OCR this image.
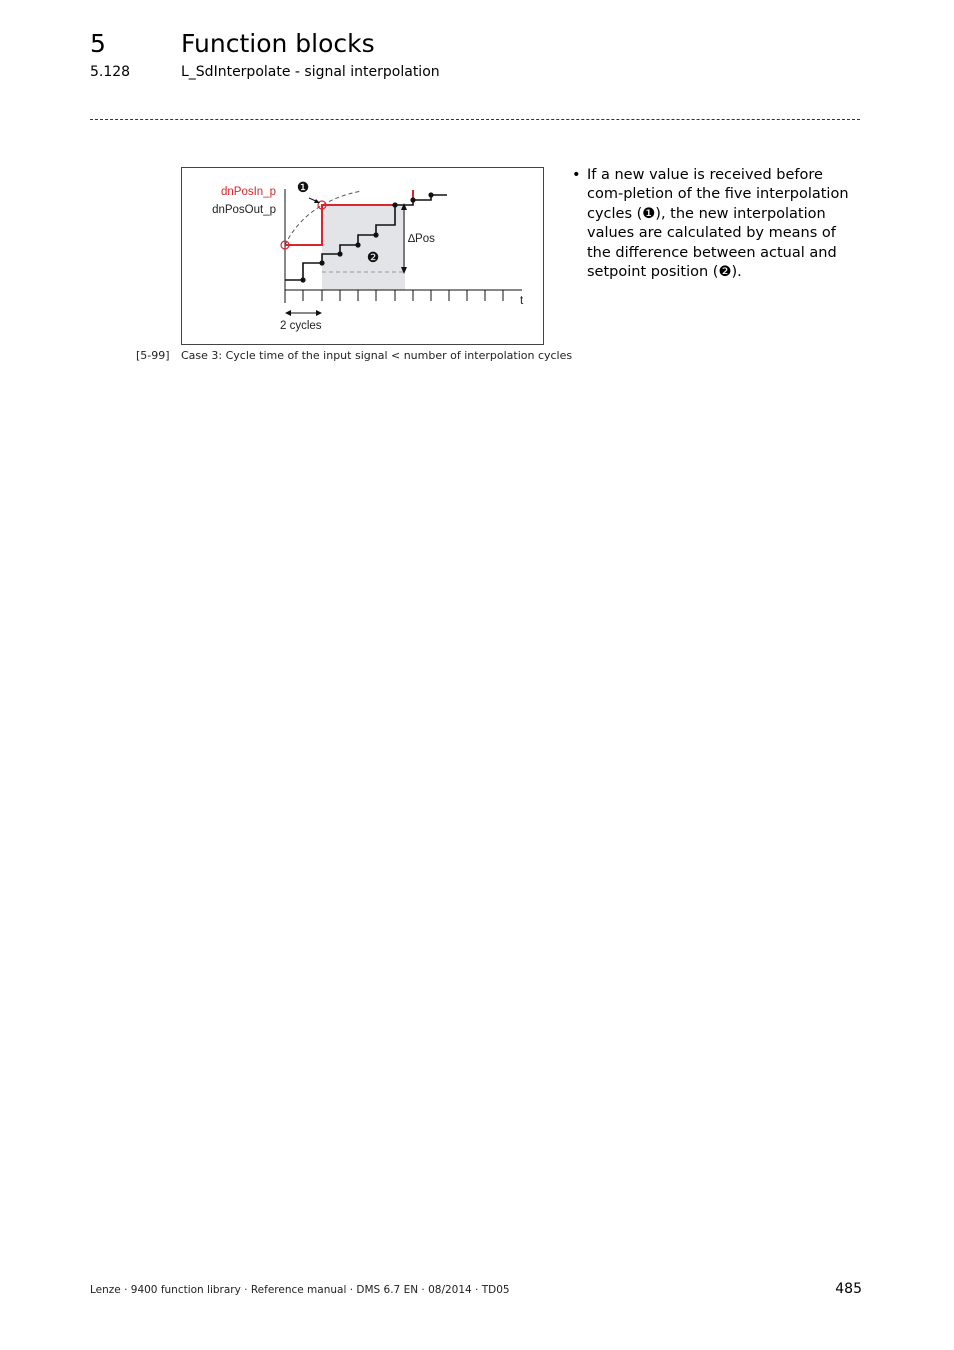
5	Function blocks
5.128	L_SdInterpolate - signal interpolation
dnPosIn_p
dnPosOut_p
❶
❷
∆Pos
t
2 cycles
[5-99] Case 3: Cycle time of the input signal < number of interpolation cycles
• If a new value is received before com-pletion of the five interpolation cycles (❶), the new interpolation values are calculated by means of the difference between actual and setpoint position (❷).
Lenze · 9400 function library · Reference manual · DMS 6.7 EN · 08/2014 · TD05	485
